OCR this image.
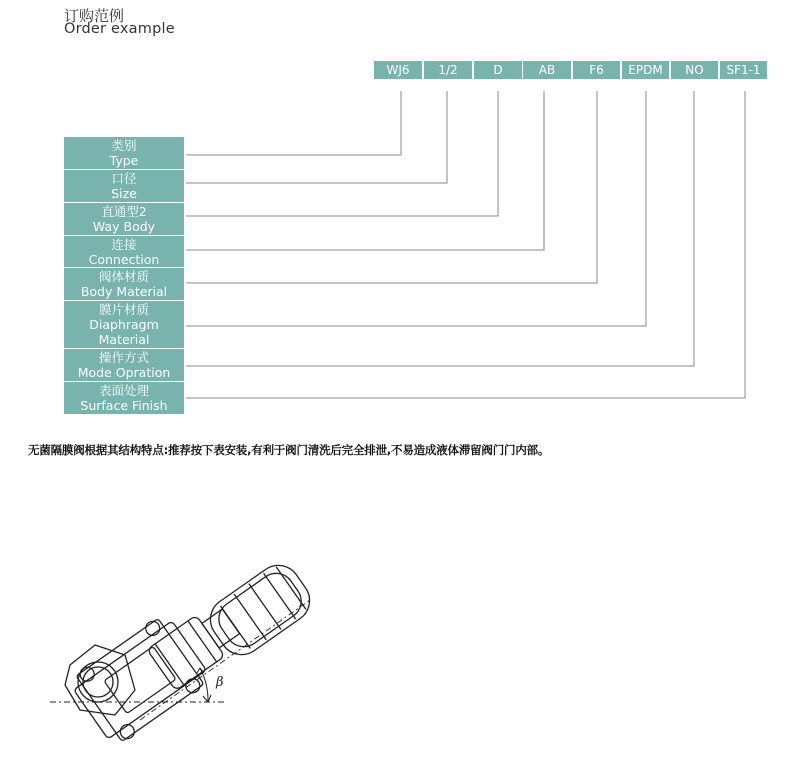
订购范例
Order example
WJ6	1/2	D	AB	F6	EPDM	NO	SF1-1
类别
Type
口径
Size
直通型2
Way Body
连接
Connection
阀体材质
Body Material
膜片材质
Diaphragm Material
操作方式
Mode Opration
表面处理
Surface Finish
无菌隔膜阀根据其结构特点:推荐按下表安装,有利于阀门清洗后完全排泄,不易造成液体滞留阀门门内部。
β
